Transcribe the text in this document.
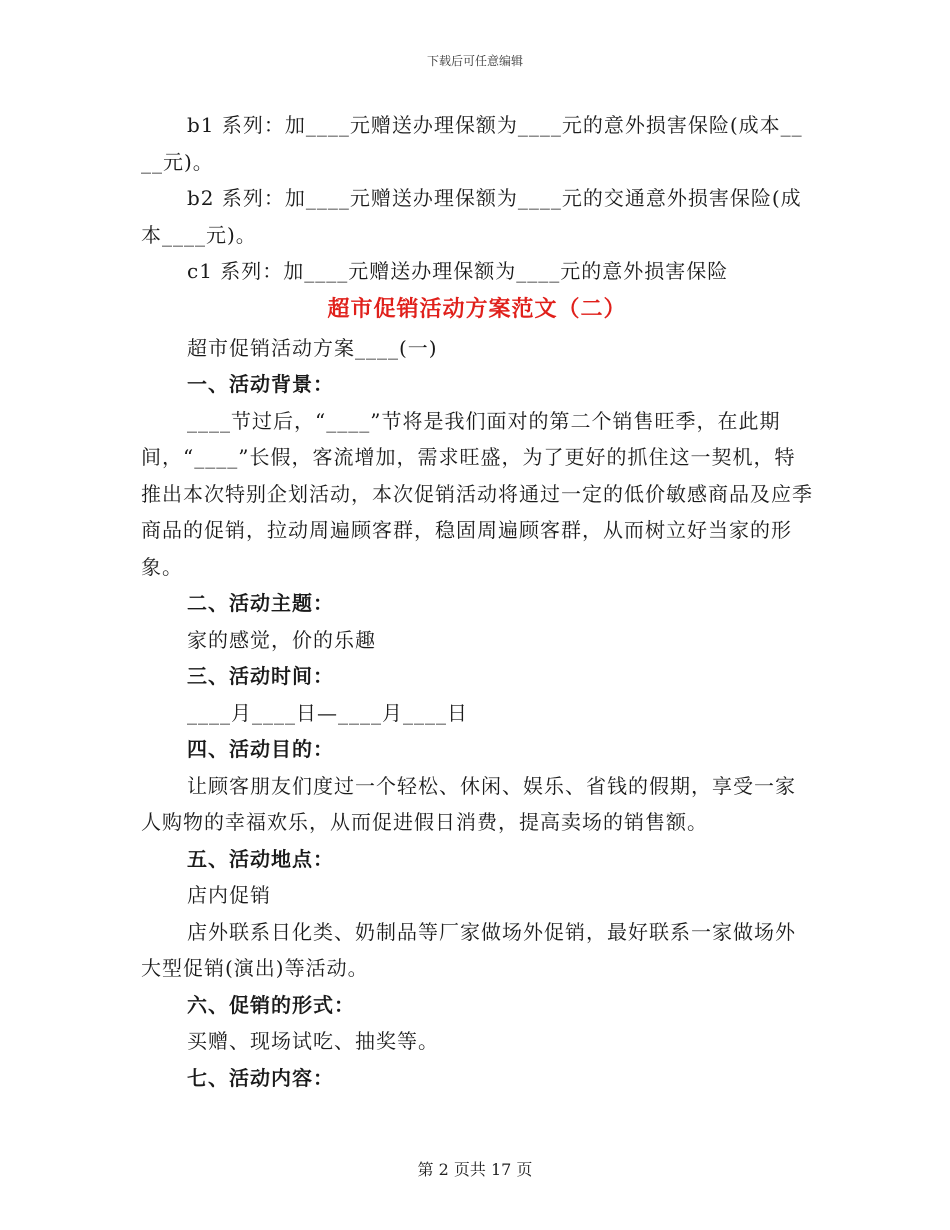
下载后可任意编辑

b1 系列：加____元赠送办理保额为____元的意外损害保险(成本____元)。

b2 系列：加____元赠送办理保额为____元的交通意外损害保险(成本____元)。

c1 系列：加____元赠送办理保额为____元的意外损害保险

超市促销活动方案范文（二）

超市促销活动方案____(一)

一、活动背景：

____节过后，“____”节将是我们面对的第二个销售旺季，在此期间，“____”长假，客流增加，需求旺盛，为了更好的抓住这一契机，特推出本次特别企划活动，本次促销活动将通过一定的低价敏感商品及应季商品的促销，拉动周遍顾客群，稳固周遍顾客群，从而树立好当家的形象。

二、活动主题：

家的感觉，价的乐趣

三、活动时间：

____月____日—____月____日

四、活动目的：

让顾客朋友们度过一个轻松、休闲、娱乐、省钱的假期，享受一家人购物的幸福欢乐，从而促进假日消费，提高卖场的销售额。

五、活动地点：

店内促销

店外联系日化类、奶制品等厂家做场外促销，最好联系一家做场外大型促销(演出)等活动。

六、促销的形式：

买赠、现场试吃、抽奖等。

七、活动内容：

第 2 页共 17 页
